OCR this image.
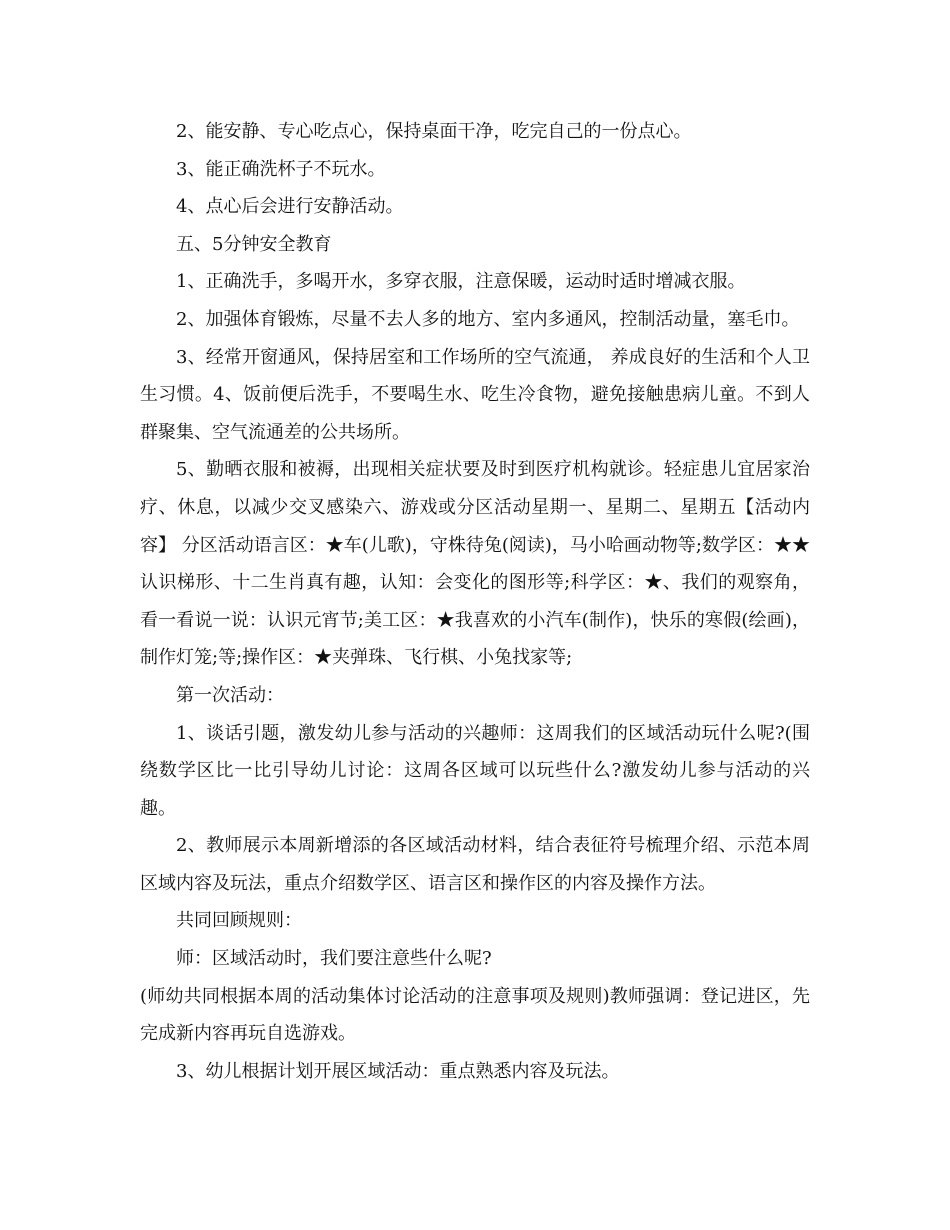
2、能安静、专心吃点心，保持桌面干净，吃完自己的一份点心。

3、能正确洗杯子不玩水。

4、点心后会进行安静活动。

五、5分钟安全教育

1、正确洗手，多喝开水，多穿衣服，注意保暖，运动时适时增减衣服。

2、加强体育锻炼，尽量不去人多的地方、室内多通风，控制活动量，塞毛巾。

3、经常开窗通风，保持居室和工作场所的空气流通， 养成良好的生活和个人卫生习惯。4、饭前便后洗手，不要喝生水、吃生冷食物，避免接触患病儿童。不到人群聚集、空气流通差的公共场所。

5、勤晒衣服和被褥，出现相关症状要及时到医疗机构就诊。轻症患儿宜居家治疗、休息，以减少交叉感染六、游戏或分区活动星期一、星期二、星期五【活动内容】 分区活动语言区：★车(儿歌)，守株待兔(阅读)，马小哈画动物等;数学区：★★认识梯形、十二生肖真有趣，认知：会变化的图形等;科学区：★、我们的观察角，看一看说一说：认识元宵节;美工区：★我喜欢的小汽车(制作)，快乐的寒假(绘画)，制作灯笼;等;操作区：★夹弹珠、飞行棋、小兔找家等;

第一次活动：

1、谈话引题，激发幼儿参与活动的兴趣师：这周我们的区域活动玩什么呢?(围绕数学区比一比引导幼儿讨论：这周各区域可以玩些什么?激发幼儿参与活动的兴趣。

2、教师展示本周新增添的各区域活动材料，结合表征符号梳理介绍、示范本周区域内容及玩法，重点介绍数学区、语言区和操作区的内容及操作方法。

共同回顾规则：

师：区域活动时，我们要注意些什么呢?

(师幼共同根据本周的活动集体讨论活动的注意事项及规则)教师强调：登记进区，先完成新内容再玩自选游戏。

3、幼儿根据计划开展区域活动：重点熟悉内容及玩法。
